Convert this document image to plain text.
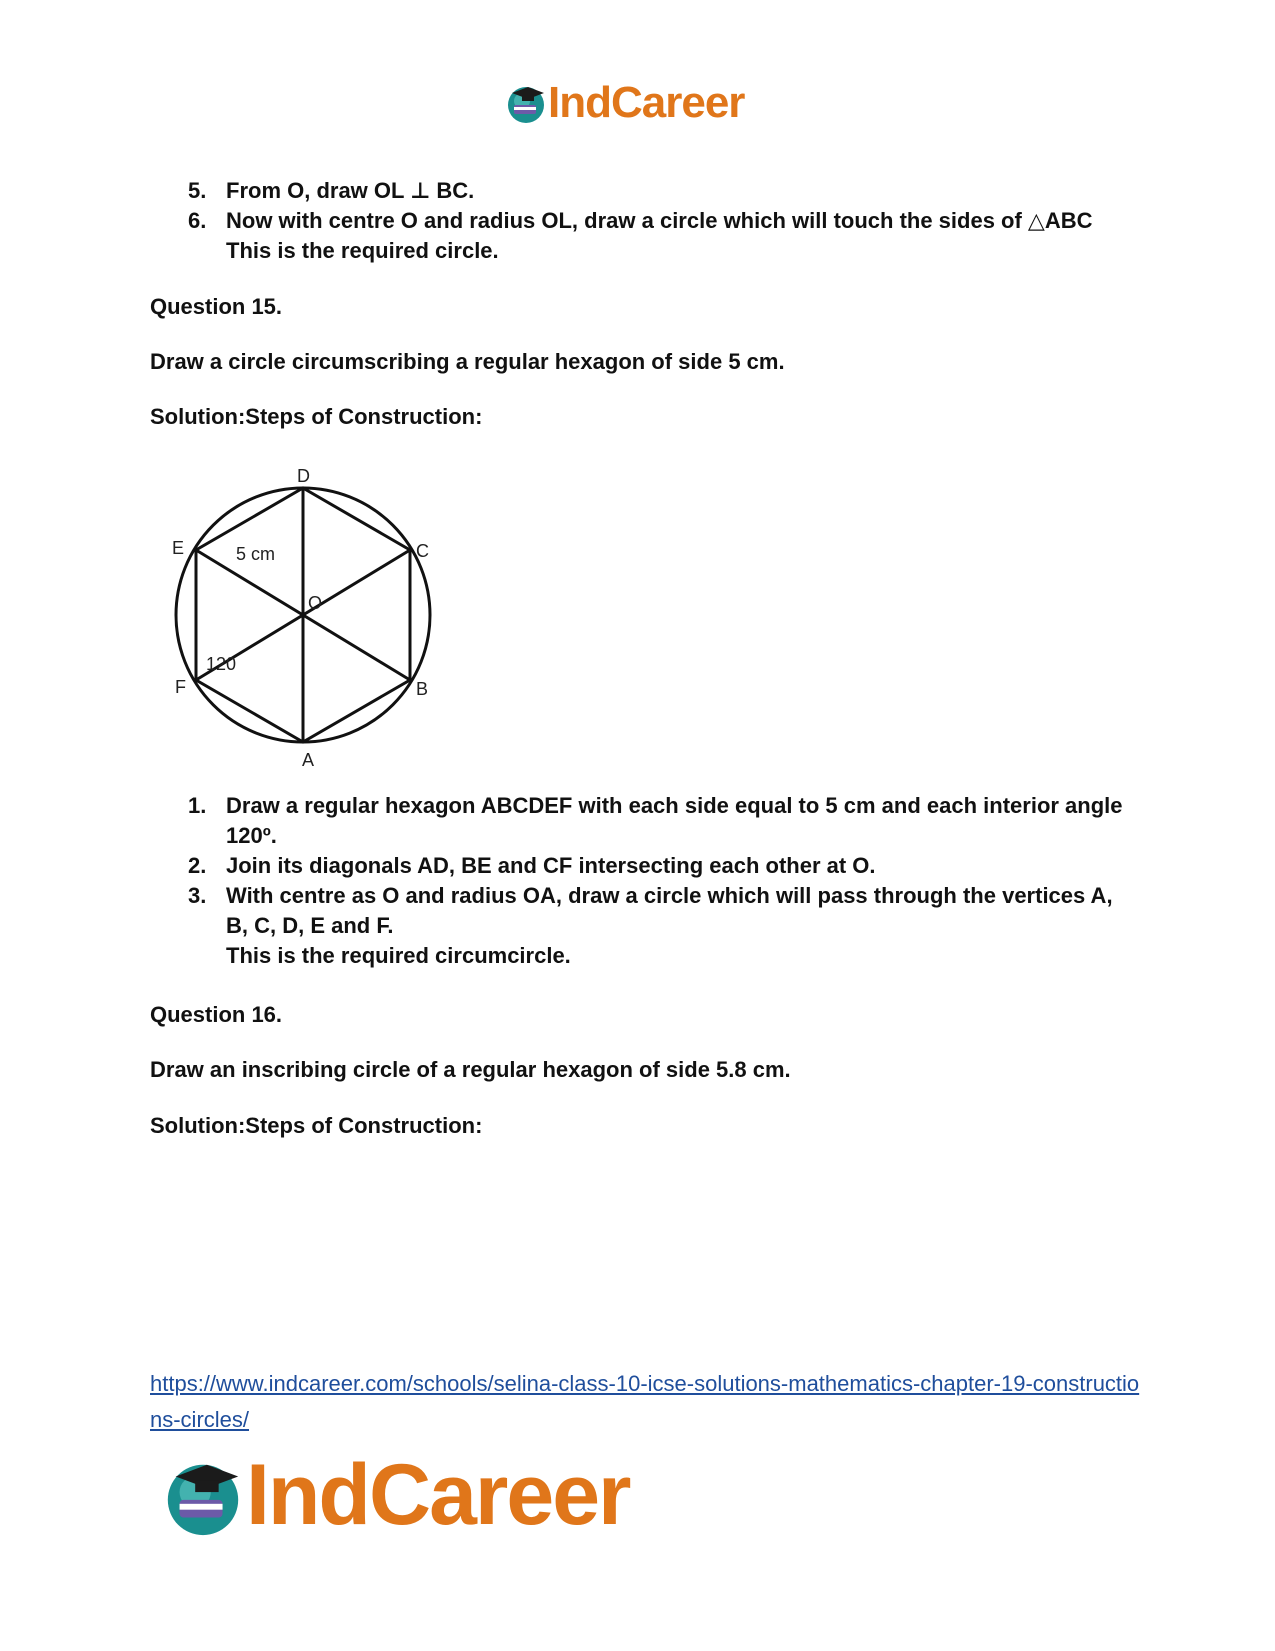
IndCareer
5. From O, draw OL ⊥ BC.
6. Now with centre O and radius OL, draw a circle which will touch the sides of △ABC
This is the required circle.
Question 15.
Draw a circle circumscribing a regular hexagon of side 5 cm.
Solution:Steps of Construction:
D
C
E
F	B
A
O
5 cm
120
1. Draw a regular hexagon ABCDEF with each side equal to 5 cm and each interior angle 120º.
2. Join its diagonals AD, BE and CF intersecting each other at O.
3. With centre as O and radius OA, draw a circle which will pass through the vertices A, B, C, D, E and F.
This is the required circumcircle.
Question 16.
Draw an inscribing circle of a regular hexagon of side 5.8 cm.
Solution:Steps of Construction:
https://www.indcareer.com/schools/selina-class-10-icse-solutions-mathematics-chapter-19-constructions-circles/
IndCareer
